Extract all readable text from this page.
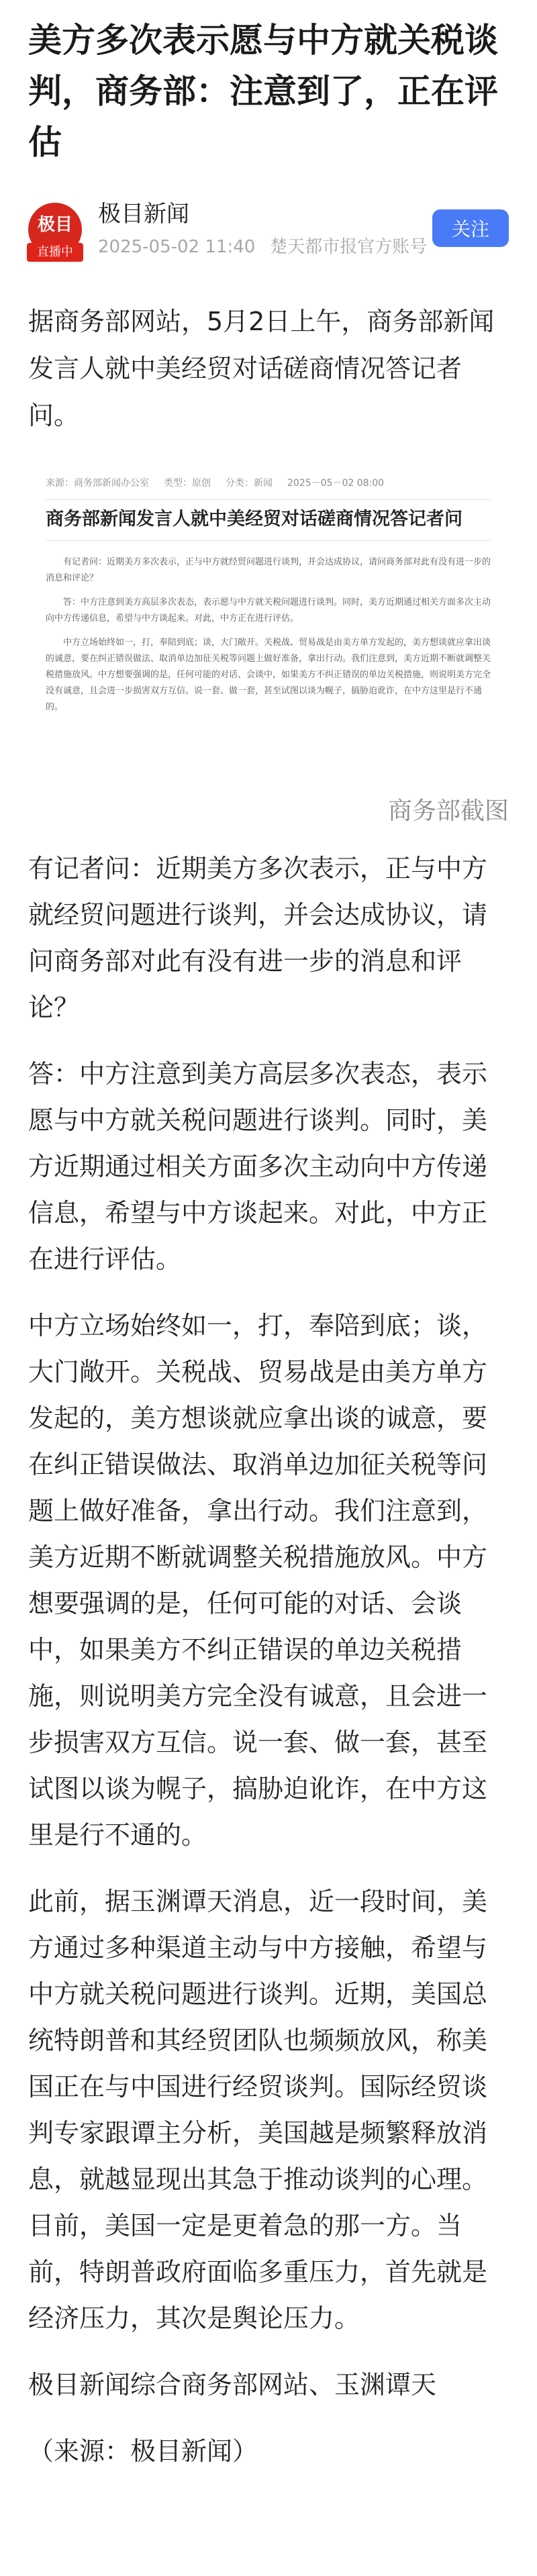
美方多次表示愿与中方就关税谈判，商务部：注意到了，正在评估
极目
直播中
极目新闻
2025-05-02 11:40 楚天都市报官方账号
关注

据商务部网站，5月2日上午，商务部新闻发言人就中美经贸对话磋商情况答记者问。

来源：商务部新闻办公室 类型：原创 分类：新闻 2025－05－02 08:00
商务部新闻发言人就中美经贸对话磋商情况答记者问

有记者问：近期美方多次表示，正与中方就经贸问题进行谈判，并会达成协议，请问商务部对此有没有进一步的消息和评论？

答：中方注意到美方高层多次表态，表示愿与中方就关税问题进行谈判。同时，美方近期通过相关方面多次主动向中方传递信息，希望与中方谈起来。对此，中方正在进行评估。

中方立场始终如一，打，奉陪到底；谈，大门敞开。关税战、贸易战是由美方单方发起的，美方想谈就应拿出谈的诚意，要在纠正错误做法、取消单边加征关税等问题上做好准备，拿出行动。我们注意到，美方近期不断就调整关税措施放风。中方想要强调的是，任何可能的对话、会谈中，如果美方不纠正错误的单边关税措施，则说明美方完全没有诚意，且会进一步损害双方互信。说一套、做一套，甚至试图以谈为幌子，搞胁迫讹诈，在中方这里是行不通的。

商务部截图

有记者问：近期美方多次表示，正与中方就经贸问题进行谈判，并会达成协议，请问商务部对此有没有进一步的消息和评论？

答：中方注意到美方高层多次表态，表示愿与中方就关税问题进行谈判。同时，美方近期通过相关方面多次主动向中方传递信息，希望与中方谈起来。对此，中方正在进行评估。

中方立场始终如一，打，奉陪到底；谈，大门敞开。关税战、贸易战是由美方单方发起的，美方想谈就应拿出谈的诚意，要在纠正错误做法、取消单边加征关税等问题上做好准备，拿出行动。我们注意到，美方近期不断就调整关税措施放风。中方想要强调的是，任何可能的对话、会谈中，如果美方不纠正错误的单边关税措施，则说明美方完全没有诚意，且会进一步损害双方互信。说一套、做一套，甚至试图以谈为幌子，搞胁迫讹诈，在中方这里是行不通的。

此前，据玉渊谭天消息，近一段时间，美方通过多种渠道主动与中方接触，希望与中方就关税问题进行谈判。近期，美国总统特朗普和其经贸团队也频频放风，称美国正在与中国进行经贸谈判。国际经贸谈判专家跟谭主分析，美国越是频繁释放消息，就越显现出其急于推动谈判的心理。目前，美国一定是更着急的那一方。当前，特朗普政府面临多重压力，首先就是经济压力，其次是舆论压力。

极目新闻综合商务部网站、玉渊谭天

（来源：极目新闻）
